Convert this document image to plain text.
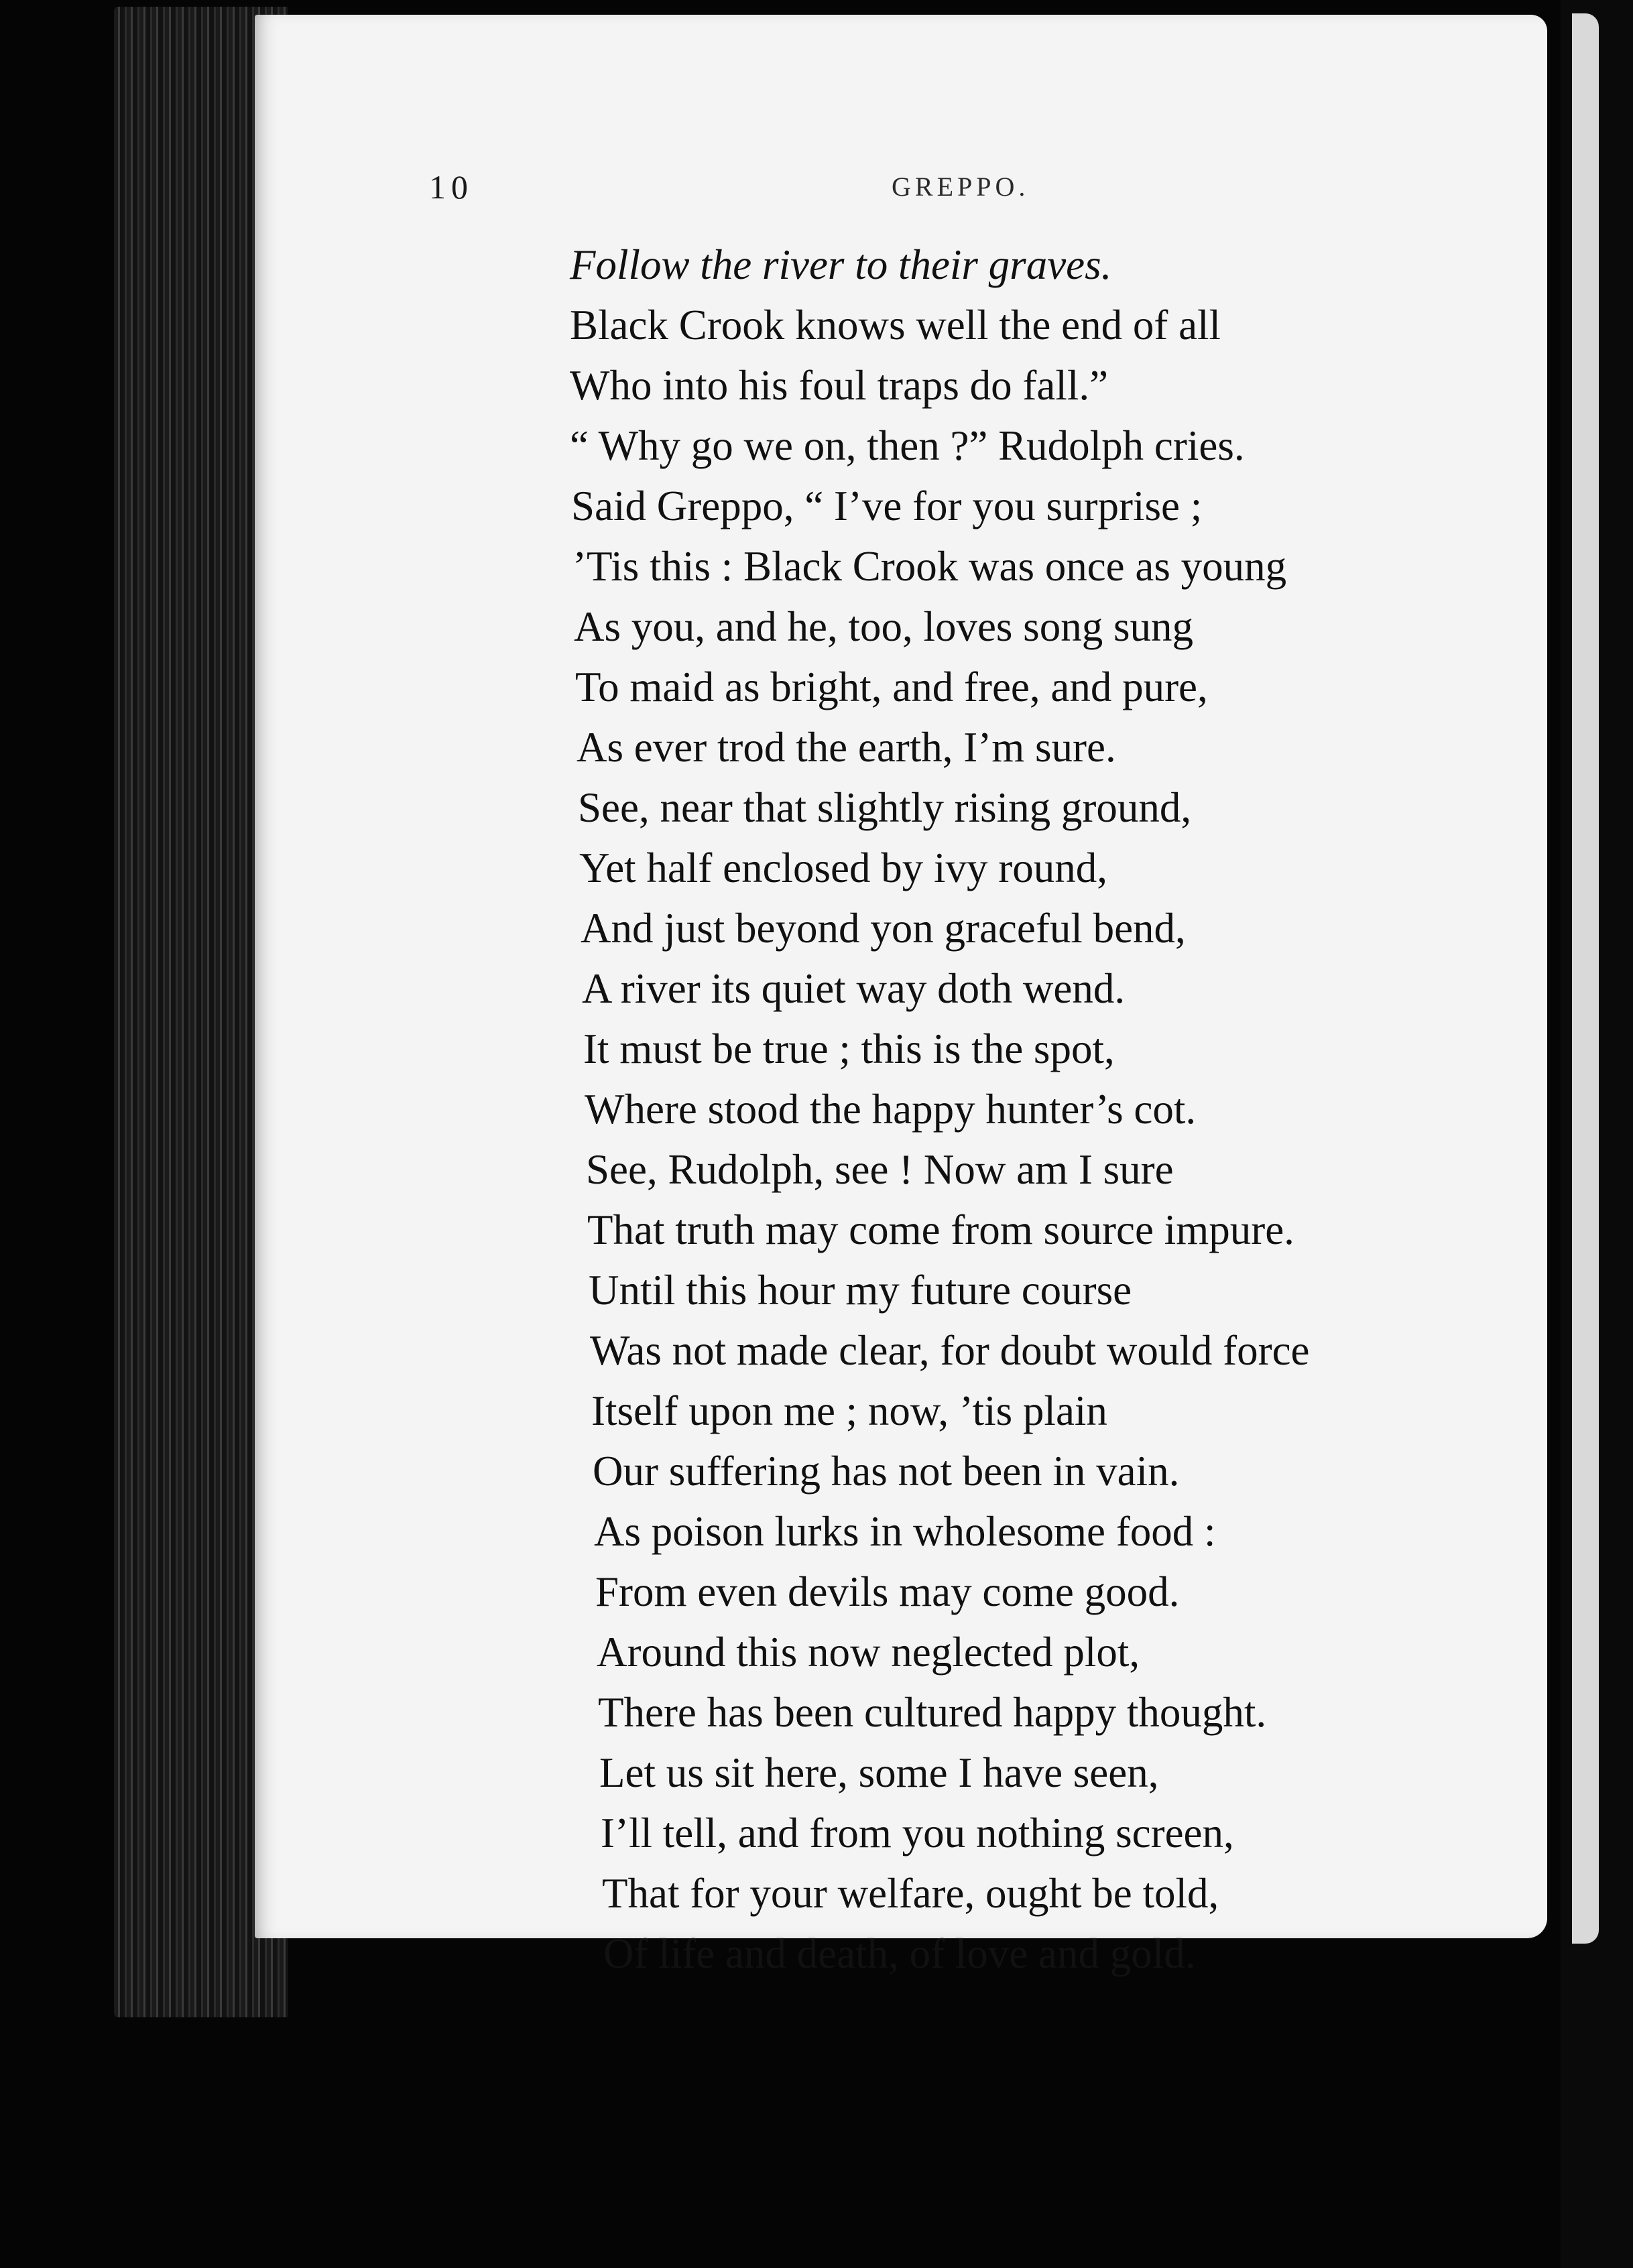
10	GREPPO.
Follow the river to their graves.
Black Crook knows well the end of all
Who into his foul traps do fall.”
“ Why go we on, then ?” Rudolph cries.
Said Greppo, “ I’ve for you surprise ;
’Tis this : Black Crook was once as young
As you, and he, too, loves song sung
To maid as bright, and free, and pure,
As ever trod the earth, I’m sure.
See, near that slightly rising ground,
Yet half enclosed by ivy round,
And just beyond yon graceful bend,
A river its quiet way doth wend.
It must be true ; this is the spot,
Where stood the happy hunter’s cot.
See, Rudolph, see ! Now am I sure
That truth may come from source impure.
Until this hour my future course
Was not made clear, for doubt would force
Itself upon me ; now, ’tis plain
Our suffering has not been in vain.
As poison lurks in wholesome food :
From even devils may come good.
Around this now neglected plot,
There has been cultured happy thought.
Let us sit here, some I have seen,
I’ll tell, and from you nothing screen,
That for your welfare, ought be told,
Of life and death, of love and gold.
